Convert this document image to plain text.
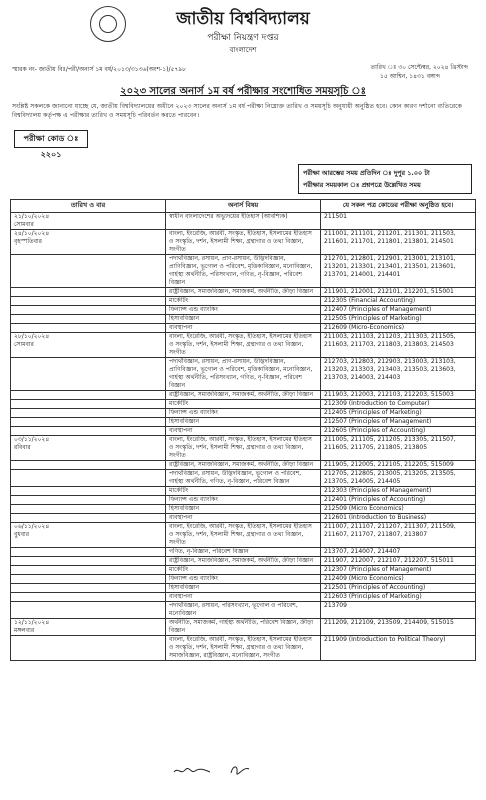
জাতীয় বিশ্ববিদ্যালয়
পরীক্ষা নিয়ন্ত্রণ দপ্তর
বাংলাদেশ
স্মারক নং- জাতীয় বিঃ/পরী/অনার্স ১ম বর্ষ/২০১৩/৩১৩৬(অংশ-১)/৫৭৯৮	তারিখ ঃ ৩০ সেপ্টেম্বর, ২০২৪ খ্রিস্টাব্দ
১৫ আশ্বিন, ১৪৩১ বঙ্গাব্দ
২০২৩ সালের অনার্স ১ম বর্ষ পরীক্ষার সংশোধিত সময়সূচি ঃ
সংশ্লিষ্ট সকলকে জানানো যাচ্ছে যে, জাতীয় বিশ্ববিদ্যালয়ের অধীনে ২০২৩ সালের অনার্স ১ম বর্ষ পরীক্ষা নিম্নোক্ত তারিখ ও সময়সূচি অনুযায়ী অনুষ্ঠিত হবে। কোন কারণ দর্শানো ব্যতিরেকে বিশ্ববিদ্যালয় কর্তৃপক্ষ এ পরীক্ষার তারিখ ও সময়সূচি পরিবর্তন করতে পারবেন।
পরীক্ষা কোড ঃ ২২০১
পরীক্ষা আরম্ভের সময় প্রতিদিন ঃ দুপুর ১.০০ টা
পরীক্ষার সময়কাল ঃ প্রশ্নপত্রে উল্লেখিত সময়
তারিখ ও বার	অনার্স বিষয়	যে সকল পত্র কোডের পরীক্ষা অনুষ্ঠিত হবে।
২১/১০/২০২৪
সোমবার	স্বাধীন বাংলাদেশের অভ্যুদয়ের ইতিহাস (আবশ্যিক)	211501
২৪/১০/২০২৪
বৃহস্পতিবার	বাংলা, ইংরেজি, আরবী, সংস্কৃত, ইতিহাস, ইসলামের ইতিহাস ও সংস্কৃতি, দর্শন, ইসলামী শিক্ষা, গ্রন্থাগার ও তথ্য বিজ্ঞান, সংগীত	211001, 211101, 211201, 211301, 211503,
211601, 211701, 211801, 213801, 214501
	পদার্থবিজ্ঞান, রসায়ন, প্রাণ-রসায়ন, উদ্ভিদবিজ্ঞান, প্রাণিবিজ্ঞান, ভূগোল ও পরিবেশ, মৃত্তিকাবিজ্ঞান, মনোবিজ্ঞান, গার্হস্থ্য অর্থনীতি, পরিসংখ্যান, গণিত, নৃ-বিজ্ঞান, পরিবেশ বিজ্ঞান	212701, 212801, 212901, 213001, 213101,
213201, 213301, 213401, 213501, 213601,
213701, 214001, 214401
	রাষ্ট্রবিজ্ঞান, সমাজবিজ্ঞান, সমাজকর্ম, অর্থনীতি, ক্রীড়া বিজ্ঞান	211901, 212001, 212101, 212201, 515001
	মার্কেটিং	212305 (Financial Accounting)
	ফিন্যান্স এন্ড ব্যাংকিং	212407 (Principles of Management)
	হিসাববিজ্ঞান	212505 (Principles of Marketing)
	ব্যবস্থাপনা	212609 (Micro-Economics)
২৮/১০/২০২৪
সোমবার	বাংলা, ইংরেজি, আরবী, সংস্কৃত, ইতিহাস, ইসলামের ইতিহাস ও সংস্কৃতি, দর্শন, ইসলামী শিক্ষা, গ্রন্থাগার ও তথ্য বিজ্ঞান, সংগীত	211003, 211103, 211203, 211303, 211505,
211603, 211703, 211803, 213803, 214503
	পদার্থবিজ্ঞান, রসায়ন, প্রাণ-রসায়ন, উদ্ভিদবিজ্ঞান, প্রাণিবিজ্ঞান, ভূগোল ও পরিবেশ, মৃত্তিকাবিজ্ঞান, মনোবিজ্ঞান, গার্হস্থ্য অর্থনীতি, পরিসংখ্যান, গণিত, নৃ-বিজ্ঞান, পরিবেশ বিজ্ঞান	212703, 212803, 212903, 213003, 213103,
213203, 213303, 213403, 213503, 213603,
213703, 214003, 214403
	রাষ্ট্রবিজ্ঞান, সমাজবিজ্ঞান, সমাজকর্ম, অর্থনীতি, ক্রীড়া বিজ্ঞান	211903, 212003, 212103, 212203, 515003
	মার্কেটিং	212309 (Introduction to Computer)
	ফিন্যান্স এন্ড ব্যাংকিং	212405 (Principles of Marketing)
	হিসাববিজ্ঞান	212507 (Principles of Management)
	ব্যবস্থাপনা	212605 (Principles of Accounting)
০৩/১১/২০২৪
রবিবার	বাংলা, ইংরেজি, আরবী, সংস্কৃত, ইতিহাস, ইসলামের ইতিহাস ও সংস্কৃতি, দর্শন, ইসলামী শিক্ষা, গ্রন্থাগার ও তথ্য বিজ্ঞান, সংগীত	211005, 211105, 211205, 213305, 211507,
211605, 211705, 211805, 213805
	রাষ্ট্রবিজ্ঞান, সমাজবিজ্ঞান, সমাজকর্ম, অর্থনীতি, ক্রীড়া বিজ্ঞান	211905, 212005, 212105, 212205, 515009
	পদার্থবিজ্ঞান, রসায়ন, উদ্ভিদবিজ্ঞান, ভূগোল ও পরিবেশ, গার্হস্থ্য অর্থনীতি, গণিত, নৃ-বিজ্ঞান, পরিবেশ বিজ্ঞান	212705, 212805, 213005, 213205, 213505,
213705, 214005, 214405
	মার্কেটিং	212303 (Principles of Management)
	ফিন্যান্স এন্ড ব্যাংকিং	212401 (Principles of Accounting)
	হিসাববিজ্ঞান	212509 (Micro Economics)
	ব্যবস্থাপনা	212601 (Introduction to Business)
০৬/১১/২০২৪
বুধবার	বাংলা, ইংরেজি, আরবী, সংস্কৃত, ইতিহাস, ইসলামের ইতিহাস ও সংস্কৃতি, দর্শন, ইসলামী শিক্ষা, গ্রন্থাগার ও তথ্য বিজ্ঞান, সংগীত	211007, 211107, 211207, 211307, 211509,
211607, 211707, 211807, 213807
	গণিত, নৃ-বিজ্ঞান, পরিবেশ বিজ্ঞান	213707, 214007, 214407
	রাষ্ট্রবিজ্ঞান, সমাজবিজ্ঞান, সমাজকর্ম, অর্থনীতি, ক্রীড়া বিজ্ঞান	211907, 212007, 212107, 212207, 515011
	মার্কেটিং	212307 (Principles of Management)
	ফিন্যান্স এন্ড ব্যাংকিং	212409 (Micro Economics)
	হিসাববিজ্ঞান	212501 (Principles of Accounting)
	ব্যবস্থাপনা	212603 (Principles of Marketing)
	পদার্থবিজ্ঞান, রসায়ন, পরিসংখ্যান, ভূগোল ও পরিবেশ, মনোবিজ্ঞান	213709
১২/১১/২০২৪
মঙ্গলবার	অর্থনীতি, সমাজকর্ম, গার্হস্থ্য অর্থনীতি, পরিবেশ বিজ্ঞান, ক্রীড়া বিজ্ঞান	211209, 212109, 213509, 214409, 515015
	বাংলা, ইংরেজি, আরবী, সংস্কৃত, ইতিহাস, ইসলামের ইতিহাস ও সংস্কৃতি, দর্শন, ইসলামী শিক্ষা, গ্রন্থাগার ও তথ্য বিজ্ঞান, সমাজবিজ্ঞান, রাষ্ট্রবিজ্ঞান, মনোবিজ্ঞান, সংগীত	211909 (Introduction to Political Theory)
